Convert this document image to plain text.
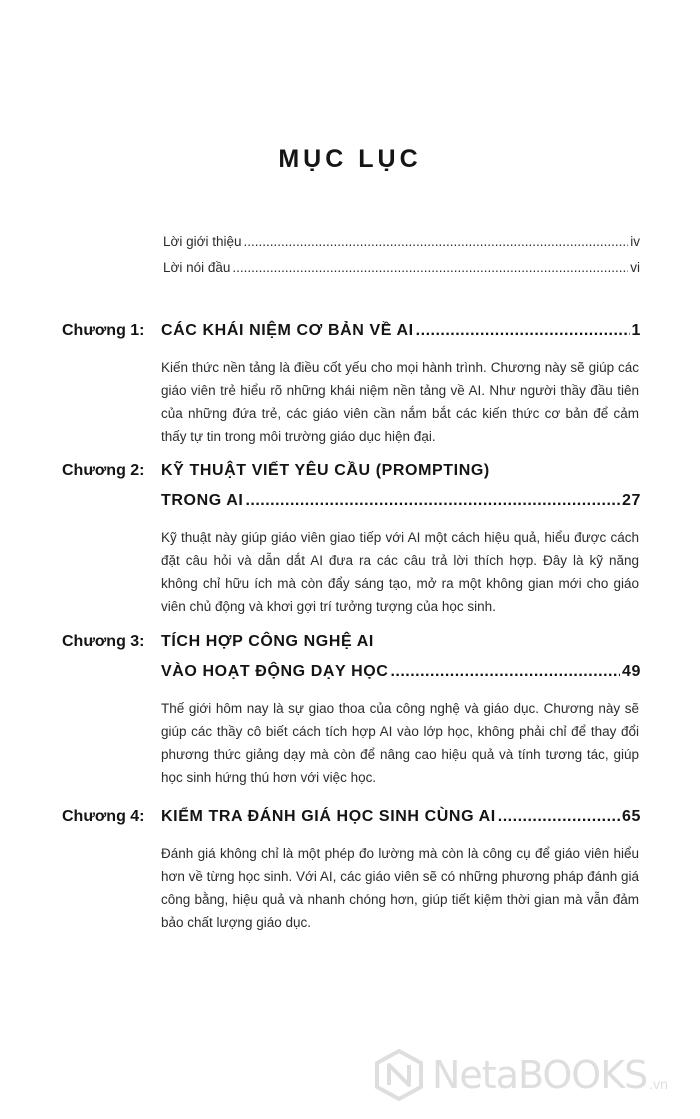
MỤC LỤC
Lời giới thiệu .....	iv
Lời nói đầu .....	vi
Chương 1: CÁC KHÁI NIỆM CƠ BẢN VỀ AI .....	1
Kiến thức nền tảng là điều cốt yếu cho mọi hành trình. Chương này sẽ giúp các giáo viên trẻ hiểu rõ những khái niệm nền tảng về AI. Như người thầy đầu tiên của những đứa trẻ, các giáo viên cần nắm bắt các kiến thức cơ bản để cảm thấy tự tin trong môi trường giáo dục hiện đại.
Chương 2: KỸ THUẬT VIẾT YÊU CẦU (PROMPTING)
TRONG AI .....	27
Kỹ thuật này giúp giáo viên giao tiếp với AI một cách hiệu quả, hiểu được cách đặt câu hỏi và dẫn dắt AI đưa ra các câu trả lời thích hợp. Đây là kỹ năng không chỉ hữu ích mà còn đẩy sáng tạo, mở ra một không gian mới cho giáo viên chủ động và khơi gợi trí tưởng tượng của học sinh.
Chương 3: TÍCH HỢP CÔNG NGHỆ AI
VÀO HOẠT ĐỘNG DẠY HỌC .....	49
Thế giới hôm nay là sự giao thoa của công nghệ và giáo dục. Chương này sẽ giúp các thầy cô biết cách tích hợp AI vào lớp học, không phải chỉ để thay đổi phương thức giảng dạy mà còn để nâng cao hiệu quả và tính tương tác, giúp học sinh hứng thú hơn với việc học.
Chương 4: KIỂM TRA ĐÁNH GIÁ HỌC SINH CÙNG AI .....	65
Đánh giá không chỉ là một phép đo lường mà còn là công cụ để giáo viên hiểu hơn về từng học sinh. Với AI, các giáo viên sẽ có những phương pháp đánh giá công bằng, hiệu quả và nhanh chóng hơn, giúp tiết kiệm thời gian mà vẫn đảm bảo chất lượng giáo dục.
NetaBOOKS .vn
